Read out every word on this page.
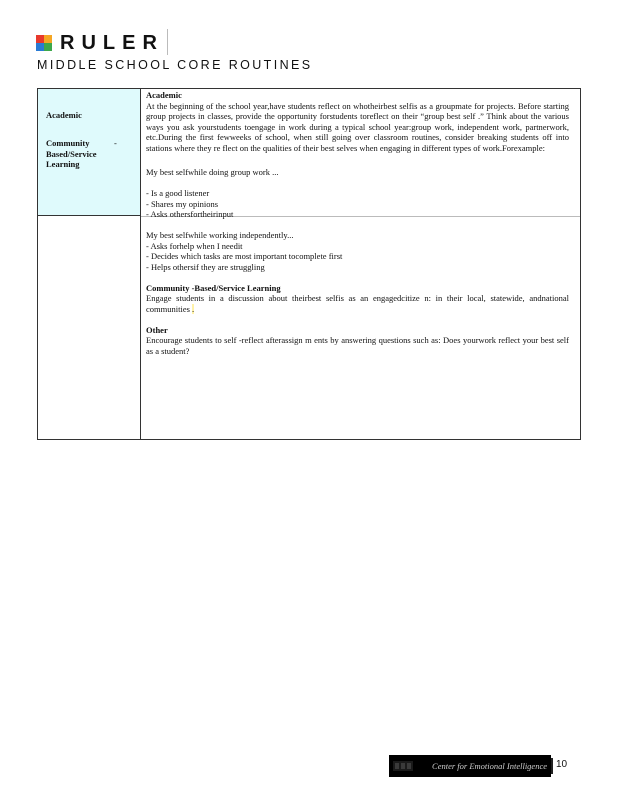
RULER
MIDDLE SCHOOL CORE ROUTINES
Academic
Community Based/Service Learning
-
Academic
At the beginning of the school year,have students reflect on whotheirbest selfis as a groupmate for projects. Before starting group projects in classes, provide the opportunity forstudents toreflect on their “group best self .” Think about the various ways you ask yourstudents toengage in work during a typical school year:group work, independent work, partnerwork, etc.During the first fewweeks of school, when still going over classroom routines, consider breaking students off into stations where they re flect on the qualities of their best selves when engaging in different types of work.Forexample:
My best selfwhile doing group work ...
- Is a good listener
- Shares my opinions
- Asks othersfortheirinput
My best selfwhile working independently...
- Asks forhelp when I needit
- Decides which tasks are most important tocomplete first
- Helps othersif they are struggling
Community -Based/Service Learning
Engage students in a discussion about theirbest selfis as an engagedcitize n: in their local, statewide, andnational communities .
Other
Encourage students to self -reflect afterassign m ents by answering questions such as: Does yourwork reflect your best self as a student?
Center for Emotional Intelligence 10
